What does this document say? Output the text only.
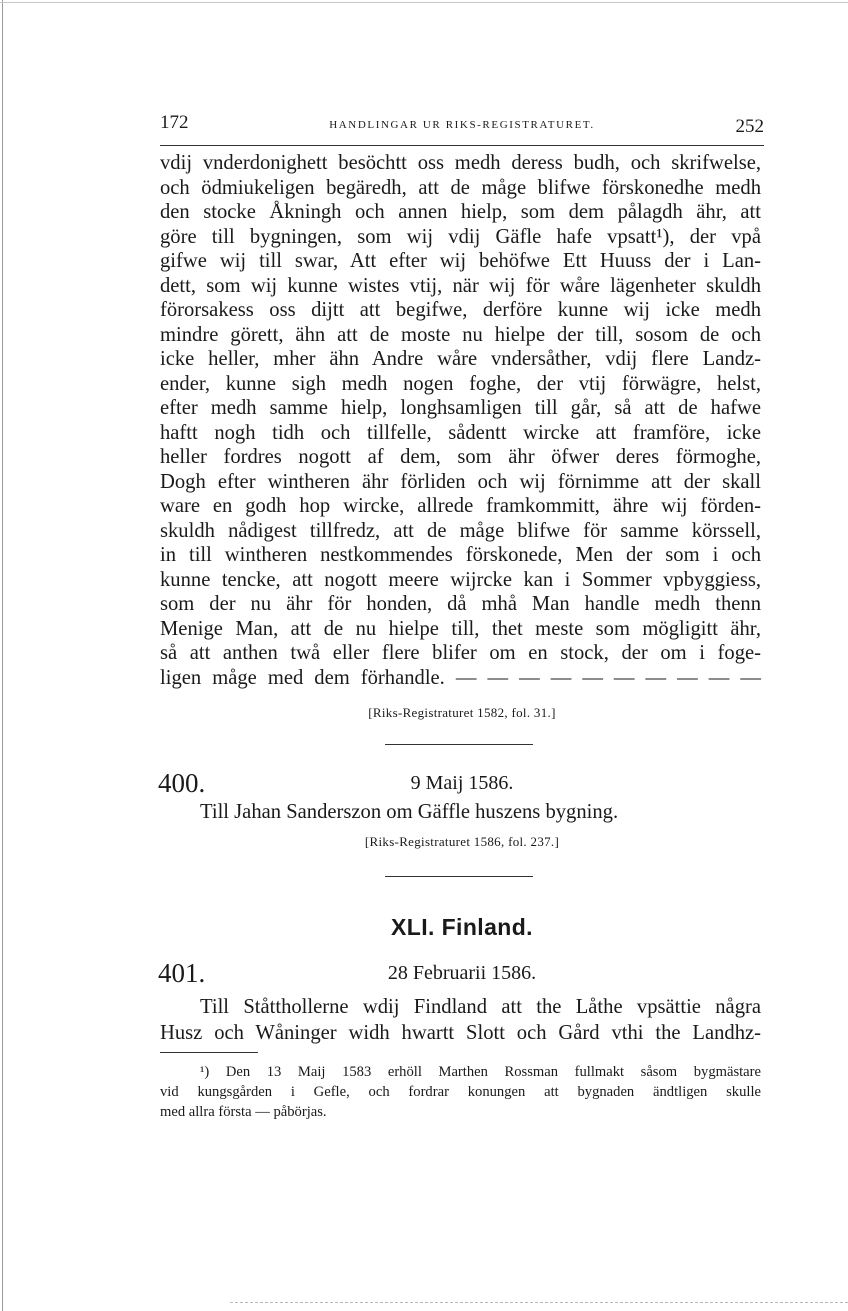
172	HANDLINGAR UR RIKS-REGISTRATURET.	252
vdij vnderdonighett besöchtt oss medh deress budh, och skrifwelse,
och ödmiukeligen begäredh, att de måge blifwe förskonedhe medh
den stocke Åkningh och annen hielp, som dem pålagdh ähr, att
göre till bygningen, som wij vdij Gäfle hafe vpsatt¹), der vpå
gifwe wij till swar, Att efter wij behöfwe Ett Huuss der i Lan-
dett, som wij kunne wistes vtij, när wij för wåre lägenheter skuldh
förorsakess oss dijtt att begifwe, derföre kunne wij icke medh
mindre görett, ähn att de moste nu hielpe der till, sosom de och
icke heller, mher ähn Andre wåre vndersåther, vdij flere Landz-
ender, kunne sigh medh nogen foghe, der vtij förwägre, helst,
efter medh samme hielp, longhsamligen till går, så att de hafwe
haftt nogh tidh och tillfelle, sådentt wircke att framföre, icke
heller fordres nogott af dem, som ähr öfwer deres förmoghe,
Dogh efter wintheren ähr förliden och wij förnimme att der skall
ware en godh hop wircke, allrede framkommitt, ähre wij förden-
skuldh nådigest tillfredz, att de måge blifwe för samme körssell,
in till wintheren nestkommendes förskonede, Men der som i och
kunne tencke, att nogott meere wijrcke kan i Sommer vpbyggiess,
som der nu ähr för honden, då mhå Man handle medh thenn
Menige Man, att de nu hielpe till, thet meste som mögligitt ähr,
så att anthen twå eller flere blifer om en stock, der om i foge-
ligen måge med dem förhandle. — — — — — — — — — —
[Riks-Registraturet 1582, fol. 31.]
400.	9 Maij 1586.
Till Jahan Sanderszon om Gäffle huszens bygning.
[Riks-Registraturet 1586, fol. 237.]
XLI. Finland.
401.	28 Februarii 1586.
Till Ståtthollerne wdij Findland att the Låthe vpsättie några
Husz och Wåninger widh hwartt Slott och Gård vthi the Landhz-
¹) Den 13 Maij 1583 erhöll Marthen Rossman fullmakt såsom bygmästare
vid kungsgården i Gefle, och fordrar konungen att bygnaden ändtligen skulle
med allra första — påbörjas.
